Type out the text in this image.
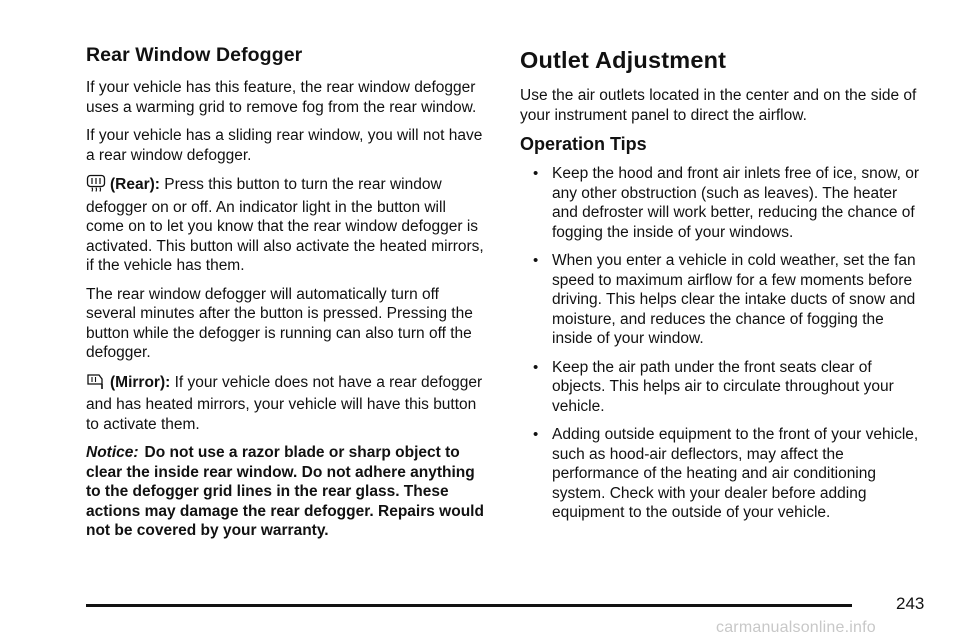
Rear Window Defogger

If your vehicle has this feature, the rear window defogger uses a warming grid to remove fog from the rear window.

If your vehicle has a sliding rear window, you will not have a rear window defogger.

(Rear): Press this button to turn the rear window defogger on or off. An indicator light in the button will come on to let you know that the rear window defogger is activated. This button will also activate the heated mirrors, if the vehicle has them.

The rear window defogger will automatically turn off several minutes after the button is pressed. Pressing the button while the defogger is running can also turn off the defogger.

(Mirror): If your vehicle does not have a rear defogger and has heated mirrors, your vehicle will have this button to activate them.

Notice: Do not use a razor blade or sharp object to clear the inside rear window. Do not adhere anything to the defogger grid lines in the rear glass. These actions may damage the rear defogger. Repairs would not be covered by your warranty.

Outlet Adjustment

Use the air outlets located in the center and on the side of your instrument panel to direct the airflow.

Operation Tips
• Keep the hood and front air inlets free of ice, snow, or any other obstruction (such as leaves). The heater and defroster will work better, reducing the chance of fogging the inside of your windows.
• When you enter a vehicle in cold weather, set the fan speed to maximum airflow for a few moments before driving. This helps clear the intake ducts of snow and moisture, and reduces the chance of fogging the inside of your window.
• Keep the air path under the front seats clear of objects. This helps air to circulate throughout your vehicle.
• Adding outside equipment to the front of your vehicle, such as hood-air deflectors, may affect the performance of the heating and air conditioning system. Check with your dealer before adding equipment to the outside of your vehicle.
243
carmanualsonline.info
